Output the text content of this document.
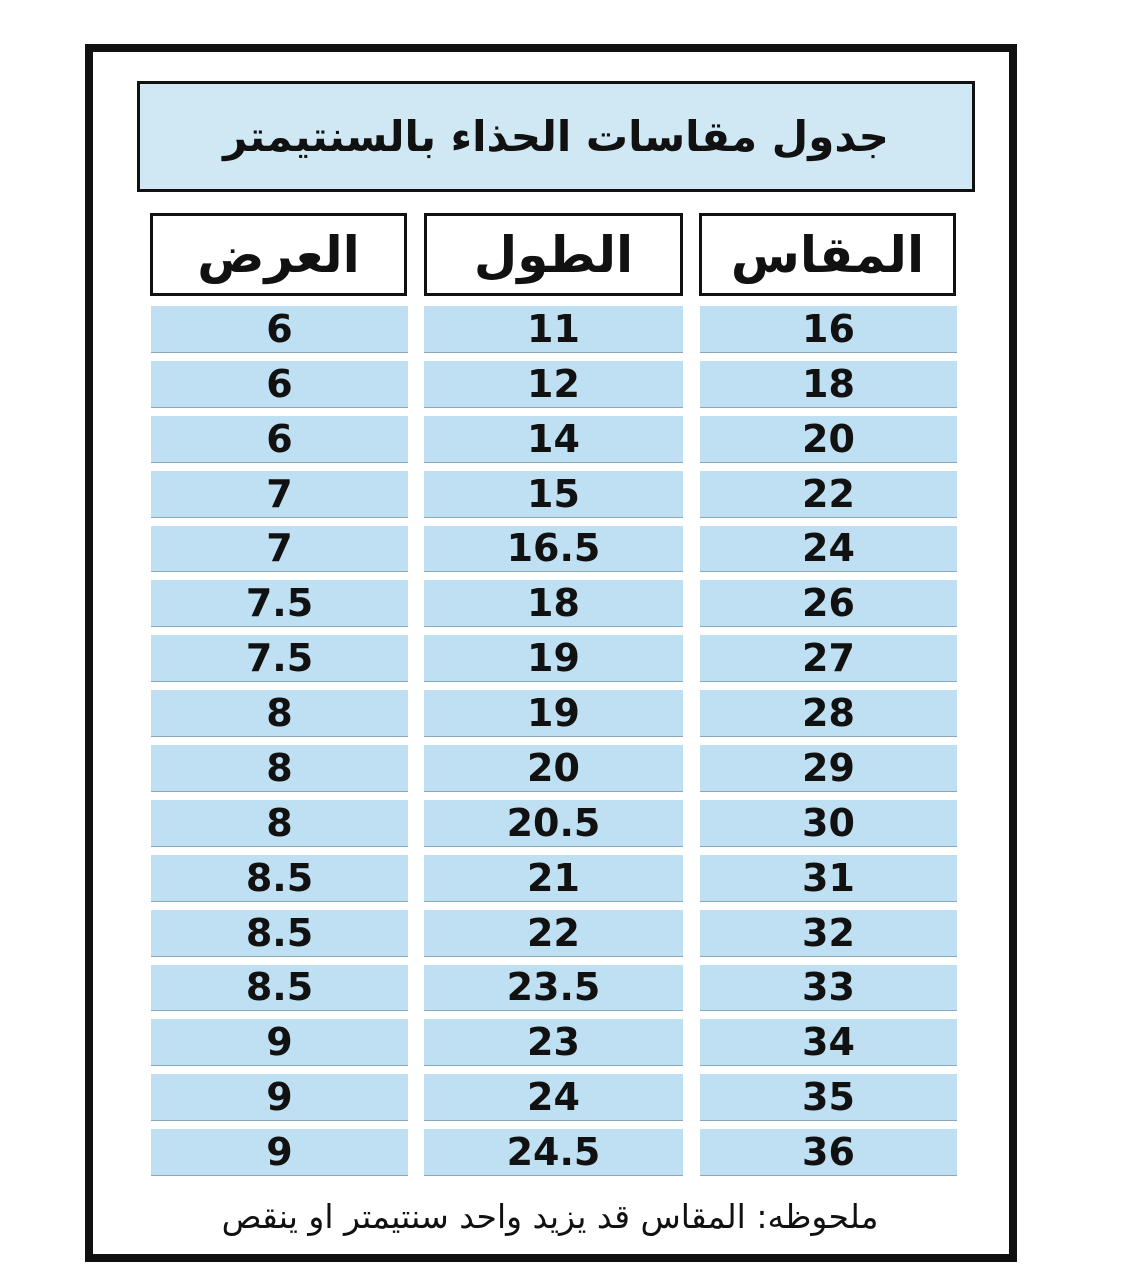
جدول مقاسات الحذاء بالسنتيمتر
المقاس
الطول
العرض
16
18
20
22
24
26
27
28
29
30
31
32
33
34
35
36
11
12
14
15
16.5
18
19
19
20
20.5
21
22
23.5
23
24
24.5
6
6
6
7
7
7.5
7.5
8
8
8
8.5
8.5
8.5
9
9
9
ملحوظه: المقاس قد يزيد واحد سنتيمتر او ينقص
